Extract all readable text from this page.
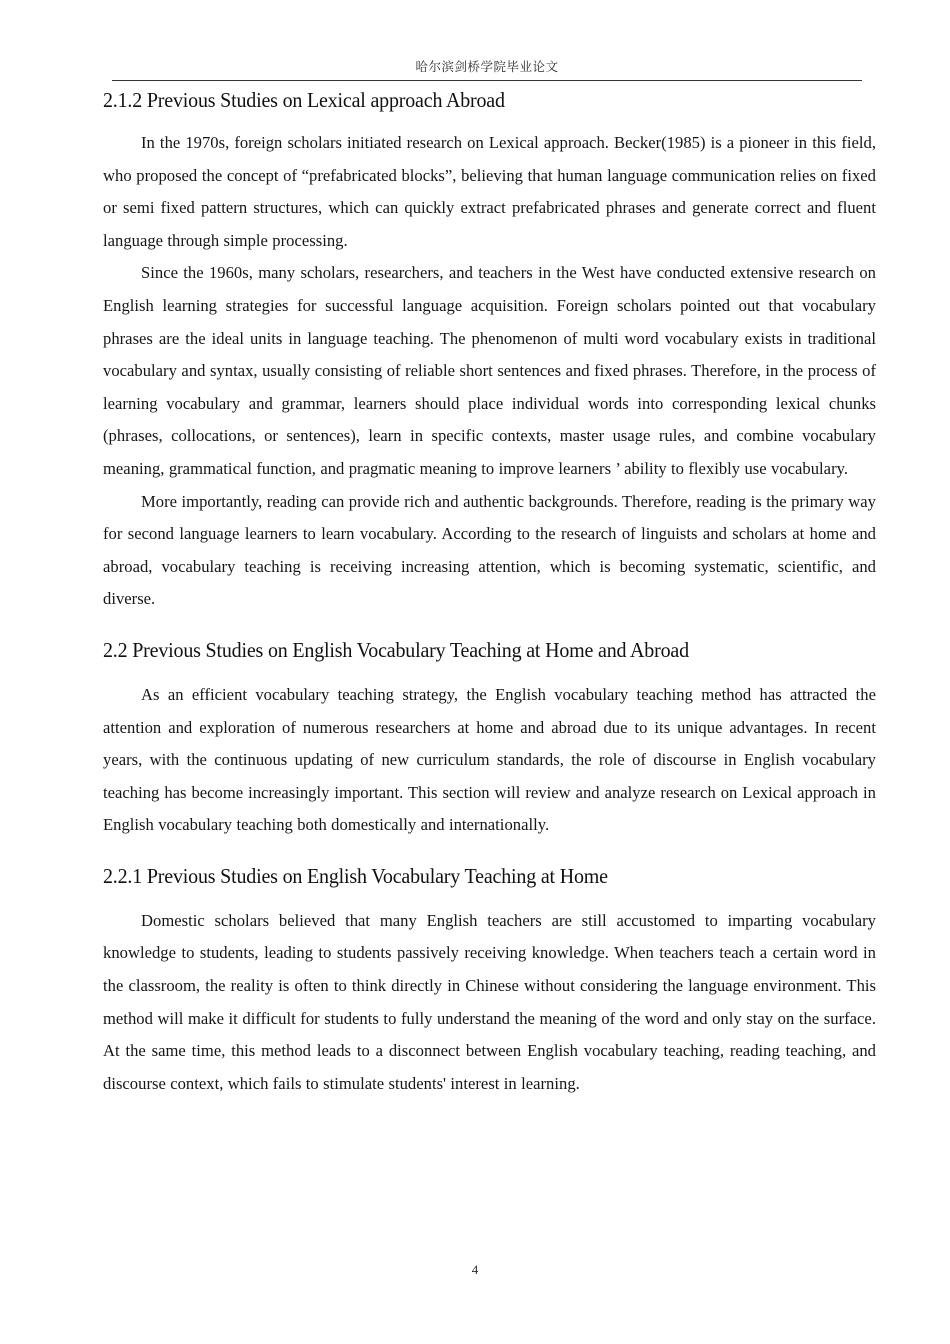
哈尔滨剑桥学院毕业论文
2.1.2 Previous Studies on Lexical approach Abroad

In the 1970s, foreign scholars initiated research on Lexical approach. Becker(1985) is a pioneer in this field, who proposed the concept of “prefabricated blocks”, believing that human language communication relies on fixed or semi fixed pattern structures, which can quickly extract prefabricated phrases and generate correct and fluent language through simple processing.

Since the 1960s, many scholars, researchers, and teachers in the West have conducted extensive research on English learning strategies for successful language acquisition. Foreign scholars pointed out that vocabulary phrases are the ideal units in language teaching. The phenomenon of multi word vocabulary exists in traditional vocabulary and syntax, usually consisting of reliable short sentences and fixed phrases. Therefore, in the process of learning vocabulary and grammar, learners should place individual words into corresponding lexical chunks (phrases, collocations, or sentences), learn in specific contexts, master usage rules, and combine vocabulary meaning, grammatical function, and pragmatic meaning to improve learners ’ ability to flexibly use vocabulary.

More importantly, reading can provide rich and authentic backgrounds. Therefore, reading is the primary way for second language learners to learn vocabulary. According to the research of linguists and scholars at home and abroad, vocabulary teaching is receiving increasing attention, which is becoming systematic, scientific, and diverse.

2.2 Previous Studies on English Vocabulary Teaching at Home and Abroad

As an efficient vocabulary teaching strategy, the English vocabulary teaching method has attracted the attention and exploration of numerous researchers at home and abroad due to its unique advantages. In recent years, with the continuous updating of new curriculum standards, the role of discourse in English vocabulary teaching has become increasingly important. This section will review and analyze research on Lexical approach in English vocabulary teaching both domestically and internationally.

2.2.1 Previous Studies on English Vocabulary Teaching at Home

Domestic scholars believed that many English teachers are still accustomed to imparting vocabulary knowledge to students, leading to students passively receiving knowledge. When teachers teach a certain word in the classroom, the reality is often to think directly in Chinese without considering the language environment. This method will make it difficult for students to fully understand the meaning of the word and only stay on the surface. At the same time, this method leads to a disconnect between English vocabulary teaching, reading teaching, and discourse context, which fails to stimulate students' interest in learning.

4
